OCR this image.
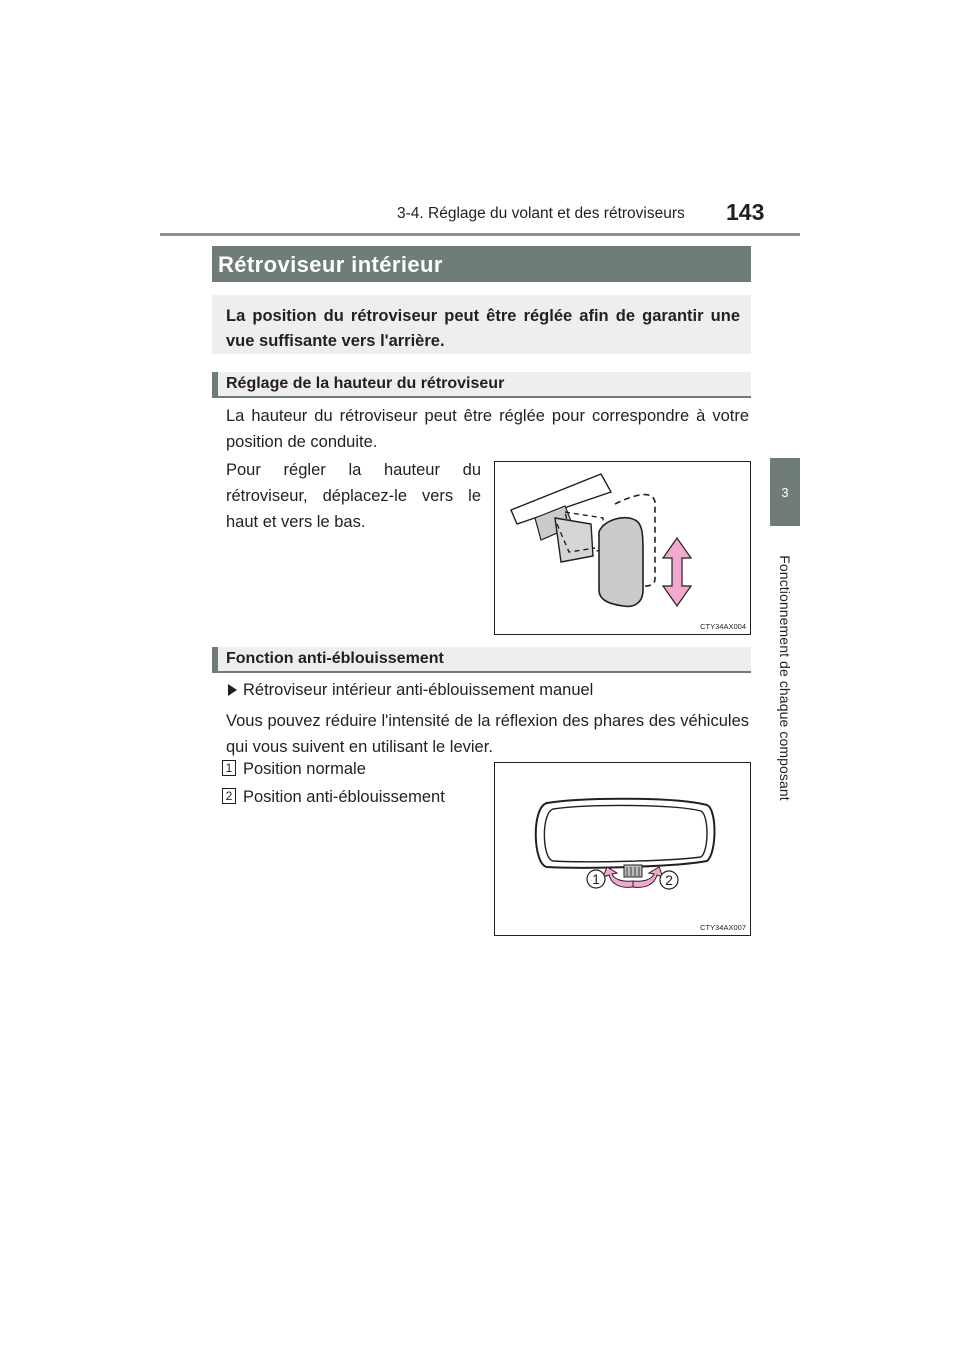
3-4. Réglage du volant et des rétroviseurs 143
3
Fonctionnement de chaque composant
Rétroviseur intérieur

La position du rétroviseur peut être réglée afin de garantir une vue suffisante vers l'arrière.

Réglage de la hauteur du rétroviseur

La hauteur du rétroviseur peut être réglée pour correspondre à votre position de conduite.

Pour régler la hauteur du rétroviseur, déplacez-le vers le haut et vers le bas.

CTY34AX004
Fonction anti-éblouissement

Rétroviseur intérieur anti-éblouissement manuel

Vous pouvez réduire l'intensité de la réflexion des phares des véhicules qui vous suivent en utilisant le levier.

1 Position normale

2 Position anti-éblouissement

1	2
CTY34AX007
